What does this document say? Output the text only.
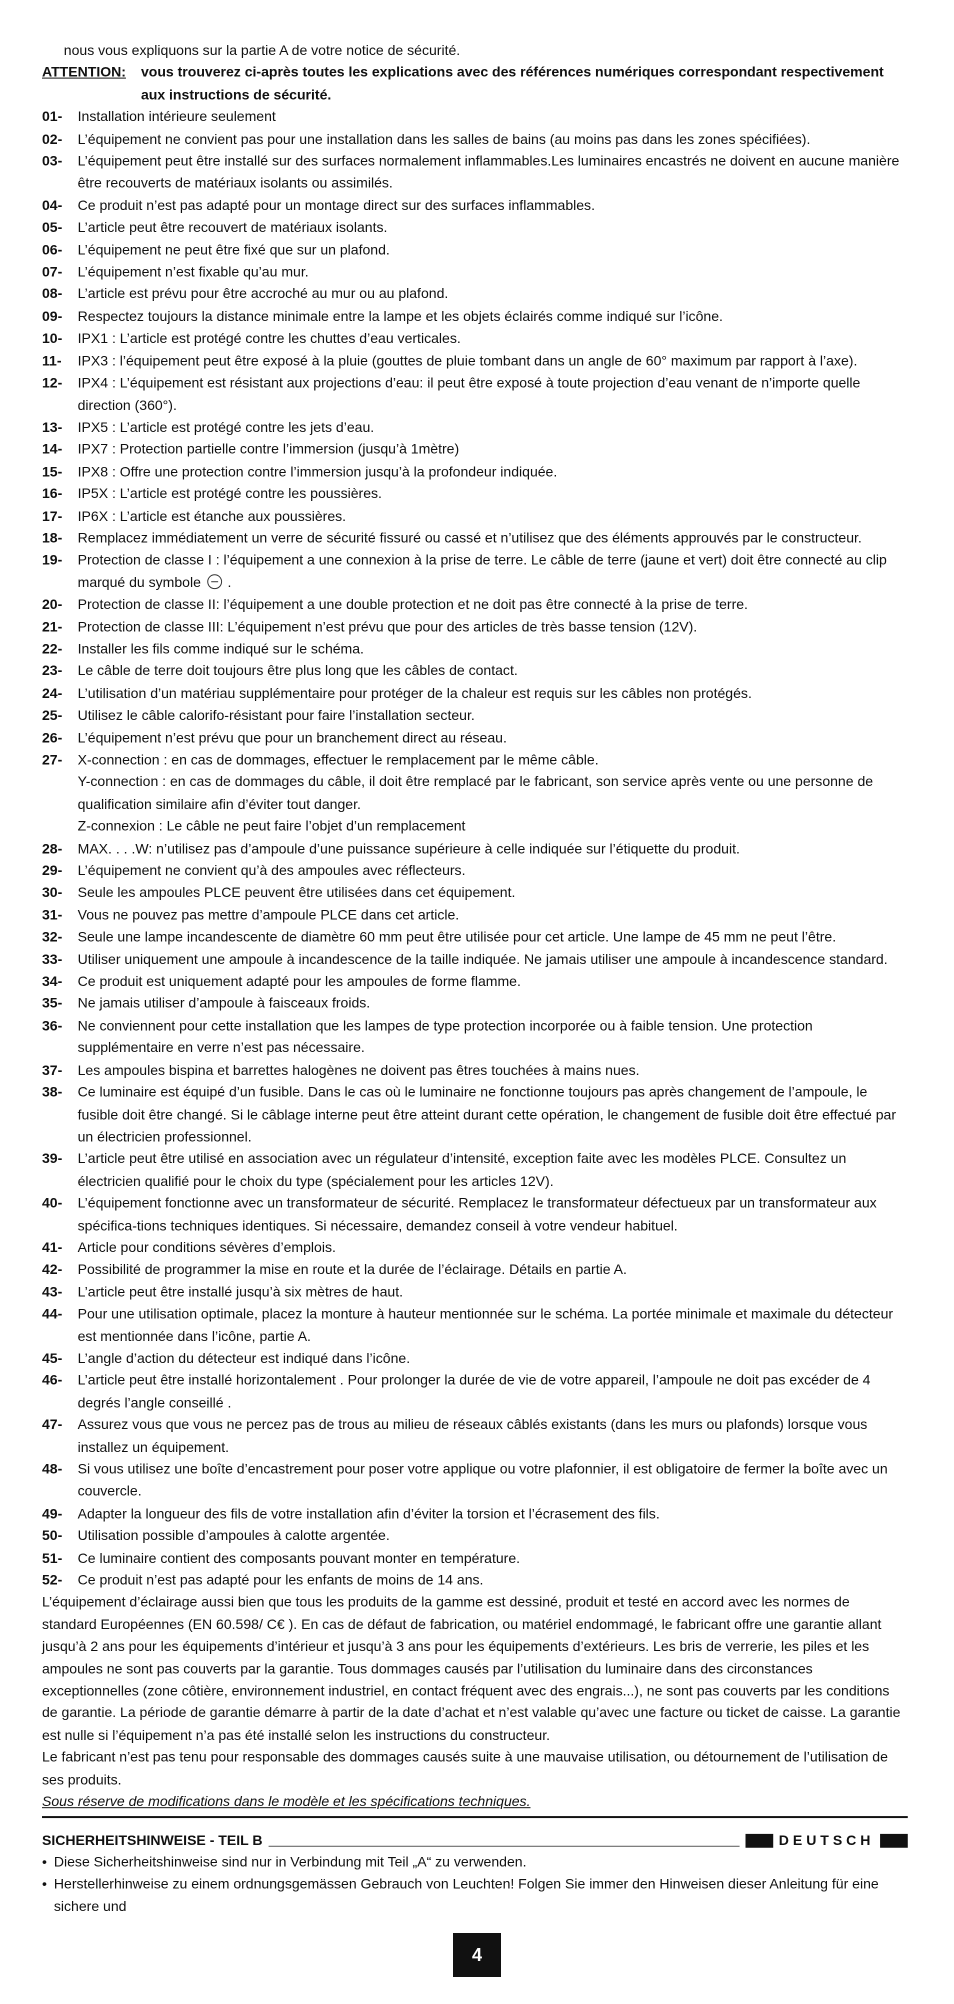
nous vous expliquons sur la partie A de votre notice de sécurité.
ATTENTION:	vous trouverez ci-après toutes les explications avec des références numériques correspondant respectivement aux instructions de sécurité.
01-	Installation intérieure seulement
02-	L’équipement ne convient pas pour une installation dans les salles de bains (au moins pas dans les zones spécifiées).
03-	L’équipement peut être installé sur des surfaces normalement inflammables.Les luminaires encastrés ne doivent en aucune manière être recouverts de matériaux isolants ou assimilés.
04-	Ce produit n’est pas adapté pour un montage direct sur des surfaces inflammables.
05-	L’article peut être recouvert de matériaux isolants.
06-	L’équipement ne peut être fixé que sur un plafond.
07-	L’équipement n’est fixable qu’au mur.
08-	L’article est prévu pour être accroché au mur ou au plafond.
09-	Respectez toujours la distance minimale entre la lampe et les objets éclairés comme indiqué sur l’icône.
10-	IPX1 : L’article est protégé contre les chuttes d’eau verticales.
11-	IPX3 : l’équipement peut être exposé à la pluie (gouttes de pluie tombant dans un angle de 60° maximum par rapport à l’axe).
12-	IPX4 : L’équipement est résistant aux projections d’eau: il peut être exposé à toute projection d’eau venant de n’importe quelle direction (360°).
13-	IPX5 : L’article est protégé contre les jets d’eau.
14-	IPX7 : Protection partielle contre l’immersion (jusqu’à 1mètre)
15-	IPX8 : Offre une protection contre l’immersion jusqu’à la profondeur indiquée.
16-	IP5X : L’article est protégé contre les poussières.
17-	IP6X : L’article est étanche aux poussières.
18-	Remplacez immédiatement un verre de sécurité fissuré ou cassé et n’utilisez que des éléments approuvés par le constructeur.
19-	Protection de classe I : l’équipement a une connexion à la prise de terre. Le câble de terre (jaune et vert) doit être connecté au clip marqué du symbole  .
20-	Protection de classe II: l’équipement a une double protection et ne doit pas être connecté à la prise de terre.
21-	Protection de classe III: L’équipement n’est prévu que pour des articles de très basse tension (12V).
22-	Installer les fils comme indiqué sur le schéma.
23-	Le câble de terre doit toujours être plus long que les câbles de contact.
24-	L’utilisation d’un matériau supplémentaire pour protéger de la chaleur est requis sur les câbles non protégés.
25-	Utilisez le câble calorifo-résistant pour faire l’installation secteur.
26-	L’équipement n’est prévu que pour un branchement direct au réseau.
27-	X-connection : en cas de dommages, effectuer le remplacement par le même câble.
Y-connection : en cas de dommages du câble, il doit être remplacé par le fabricant, son service après vente ou une personne de qualification similaire afin d’éviter tout danger.
Z-connexion : Le câble ne peut faire l’objet d’un remplacement
28-	MAX. . . .W: n’utilisez pas d’ampoule d’une puissance supérieure à celle indiquée sur l’étiquette du produit.
29-	L’équipement ne convient qu’à des ampoules avec réflecteurs.
30-	Seule les ampoules PLCE peuvent être utilisées dans cet équipement.
31-	Vous ne pouvez pas mettre d’ampoule PLCE dans cet article.
32-	Seule une lampe incandescente de diamètre 60 mm peut être utilisée pour cet article. Une lampe de 45 mm ne peut l’être.
33-	Utiliser uniquement une ampoule à incandescence de la taille indiquée. Ne jamais utiliser une ampoule à incandescence standard.
34-	Ce produit est uniquement adapté pour les ampoules de forme flamme.
35-	Ne jamais utiliser d’ampoule à faisceaux froids.
36-	Ne conviennent pour cette installation que les lampes de type protection incorporée ou à faible tension. Une protection supplémentaire en verre n’est pas nécessaire.
37-	Les ampoules bispina et barrettes halogènes ne doivent pas êtres touchées à mains nues.
38-	Ce luminaire est équipé d’un fusible. Dans le cas où le luminaire ne fonctionne toujours pas après changement de l’ampoule, le fusible doit être changé. Si le câblage interne peut être atteint durant cette opération, le changement de fusible doit être effectué par un électricien professionnel.
39-	L’article peut être utilisé en association avec un régulateur d’intensité, exception faite avec les modèles PLCE. Consultez un électricien qualifié pour le choix du type (spécialement pour les articles 12V).
40-	L’équipement fonctionne avec un transformateur de sécurité. Remplacez le transformateur défectueux par un transformateur aux spécifica-tions techniques identiques. Si nécessaire, demandez conseil à votre vendeur habituel.
41-	Article pour conditions sévères d’emplois.
42-	Possibilité de programmer la mise en route et la durée de l’éclairage. Détails en partie A.
43-	L’article peut être installé jusqu’à six mètres de haut.
44-	Pour une utilisation optimale, placez la monture à hauteur mentionnée sur le schéma. La portée minimale et maximale du détecteur est mentionnée dans l’icône, partie A.
45-	L’angle d’action du détecteur est indiqué dans l’icône.
46-	L’article peut être installé horizontalement . Pour prolonger la durée de vie de votre appareil, l’ampoule ne doit pas excéder de 4 degrés l’angle conseillé .
47-	Assurez vous que vous ne percez pas de trous au milieu de réseaux câblés existants (dans les murs ou plafonds) lorsque vous installez un équipement.
48-	Si vous utilisez une boîte d’encastrement pour poser votre applique ou votre plafonnier, il est obligatoire de fermer la boîte avec un couvercle.
49-	Adapter la longueur des fils de votre installation afin d’éviter la torsion et l’écrasement des fils.
50-	Utilisation possible d’ampoules à calotte argentée.
51-	Ce luminaire contient des composants pouvant monter en température.
52-	Ce produit n’est pas adapté pour les enfants de moins de 14 ans.

L’équipement d’éclairage aussi bien que tous les produits de la gamme est dessiné, produit et testé en accord avec les normes de standard Européennes (EN 60.598/ C€ ). En cas de défaut de fabrication, ou matériel endommagé, le fabricant offre une garantie allant jusqu’à 2 ans pour les équipements d’intérieur et jusqu’à 3 ans pour les équipements d’extérieurs. Les bris de verrerie, les piles et les ampoules ne sont pas couverts par la garantie. Tous dommages causés par l’utilisation du luminaire dans des circonstances exceptionnelles (zone côtière, environnement industriel, en contact fréquent avec des engrais...), ne sont pas couverts par les conditions de garantie. La période de garantie démarre à partir de la date d’achat et n’est valable qu’avec une facture ou ticket de caisse. La garantie est nulle si l’équipement n’a pas été installé selon les instructions du constructeur.

Le fabricant n’est pas tenu pour responsable des dommages causés suite à une mauvaise utilisation, ou détournement de l’utilisation de ses produits.

Sous réserve de modifications dans le modèle et les spécifications techniques.

SICHERHEITSHINWEISE - TEIL B	DEUTSCH
• Diese Sicherheitshinweise sind nur in Verbindung mit Teil „A“ zu verwenden.
• Herstellerhinweise zu einem ordnungsgemässen Gebrauch von Leuchten! Folgen Sie immer den Hinweisen dieser Anleitung für eine sichere und
4
